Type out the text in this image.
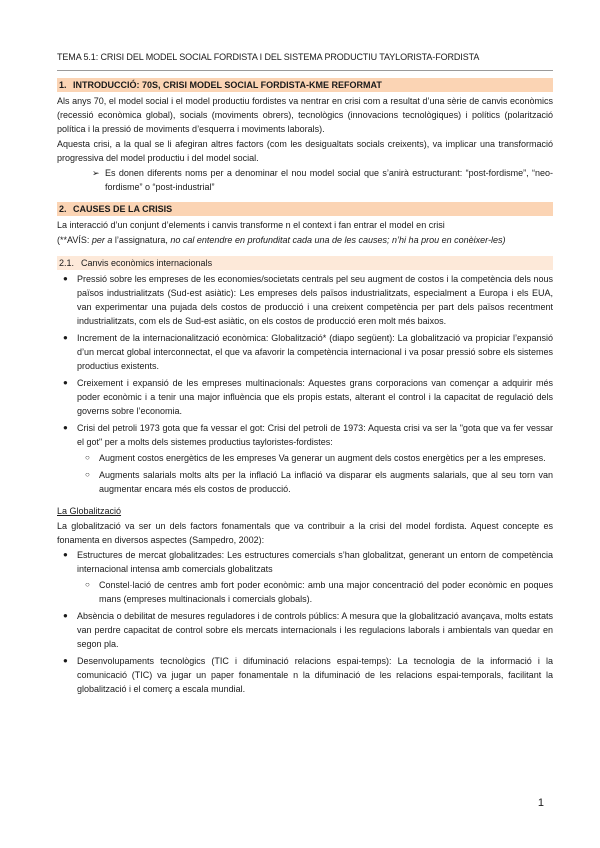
TEMA 5.1: CRISI DEL MODEL SOCIAL FORDISTA I DEL SISTEMA PRODUCTIU TAYLORISTA-FORDISTA
1. INTRODUCCIÓ: 70S, CRISI MODEL SOCIAL FORDISTA-KME REFORMAT

Als anys 70, el model social i el model productiu fordistes va nentrar en crisi com a resultat d’una sèrie de canvis econòmics (recessió econòmica global), socials (moviments obrers), tecnològics (innovacions tecnològiques) i polítics (polarització política i la pressió de moviments d’esquerra i moviments laborals).

Aquesta crisi, a la qual se li afegiran altres factors (com les desigualtats socials creixents), va implicar una transformació progressiva del model productiu i del model social.

➢ Es donen diferents noms per a denominar el nou model social que s’anirà estructurant: “post-fordisme”, “neo-fordisme” o “post-industrial”
2. CAUSES DE LA CRISIS

La interacció d’un conjunt d’elements i canvis transforme n el context i fan entrar el model en crisi

(**AVÍS: per a l’assignatura, no cal entendre en profunditat cada una de les causes; n’hi ha prou en conèixer-les)

2.1. Canvis econòmics internacionals
● Pressió sobre les empreses de les economies/societats centrals pel seu augment de costos i la competència dels nous països industrialitzats (Sud-est asiàtic): Les empreses dels països industrialitzats, especialment a Europa i els EUA, van experimentar una pujada dels costos de producció i una creixent competència per part dels països recentment industrialitzats, com els de Sud-est asiàtic, on els costos de producció eren molt més baixos.
● Increment de la internacionalització econòmica: Globalització* (diapo següent): La globalització va propiciar l’expansió d’un mercat global interconnectat, el que va afavorir la competència internacional i va posar pressió sobre els sistemes productius existents.
● Creixement i expansió de les empreses multinacionals: Aquestes grans corporacions van començar a adquirir més poder econòmic i a tenir una major influència que els propis estats, alterant el control i la capacitat de regulació dels governs sobre l’economia.
● Crisi del petroli 1973 gota que fa vessar el got: Crisi del petroli de 1973: Aquesta crisi va ser la "gota que va fer vessar el got" per a molts dels sistemes productius tayloristes-fordistes:
○ Augment costos energètics de les empreses Va generar un augment dels costos energètics per a les empreses.
○ Augments salarials molts alts per la inflació La inflació va disparar els augments salarials, que al seu torn van augmentar encara més els costos de producció.

La Globalització

La globalització va ser un dels factors fonamentals que va contribuir a la crisi del model fordista. Aquest concepte es fonamenta en diversos aspectes (Sampedro, 2002):

● Estructures de mercat globalitzades: Les estructures comercials s’han globalitzat, generant un entorn de competència internacional intensa amb comercials globalitzats
○ Constel·lació de centres amb fort poder econòmic: amb una major concentració del poder econòmic en poques mans (empreses multinacionals i comercials globals).
● Absència o debilitat de mesures reguladores i de controls públics: A mesura que la globalització avançava, molts estats van perdre capacitat de control sobre els mercats internacionals i les regulacions laborals i ambientals van quedar en segon pla.
● Desenvolupaments tecnològics (TIC i difuminació relacions espai-temps): La tecnologia de la informació i la comunicació (TIC) va jugar un paper fonamentale n la difuminació de les relacions espai-temporals, facilitant la globalització i el comerç a escala mundial.
1
